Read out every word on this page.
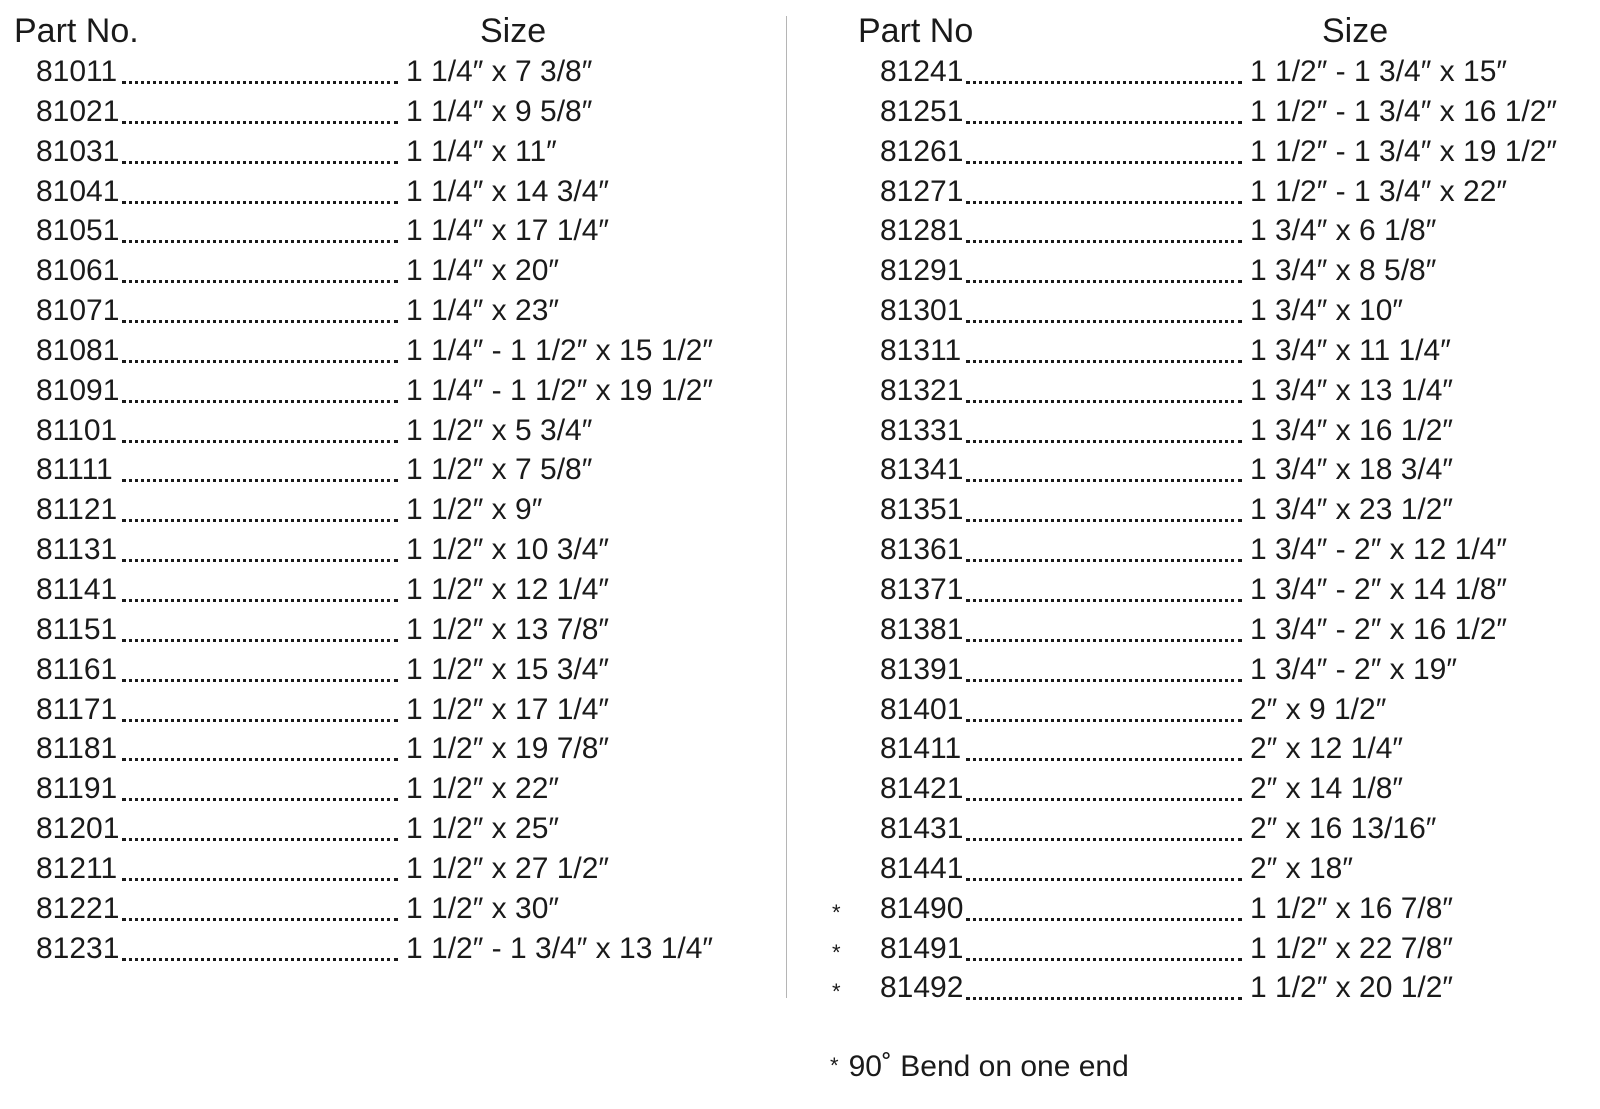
Part No.	Size
81011	1 1/4″ x 7 3/8″
81021	1 1/4″ x 9 5/8″
81031	1 1/4″ x 11″
81041	1 1/4″ x 14 3/4″
81051	1 1/4″ x 17 1/4″
81061	1 1/4″ x 20″
81071	1 1/4″ x 23″
81081	1 1/4″ - 1 1/2″ x 15 1/2″
81091	1 1/4″ - 1 1/2″ x 19 1/2″
81101	1 1/2″ x 5 3/4″
81111	1 1/2″ x 7 5/8″
81121	1 1/2″ x 9″
81131	1 1/2″ x 10 3/4″
81141	1 1/2″ x 12 1/4″
81151	1 1/2″ x 13 7/8″
81161	1 1/2″ x 15 3/4″
81171	1 1/2″ x 17 1/4″
81181	1 1/2″ x 19 7/8″
81191	1 1/2″ x 22″
81201	1 1/2″ x 25″
81211	1 1/2″ x 27 1/2″
81221	1 1/2″ x 30″
81231	1 1/2″ - 1 3/4″ x 13 1/4″
Part No	Size
81241	1 1/2″ - 1 3/4″ x 15″
81251	1 1/2″ - 1 3/4″ x 16 1/2″
81261	1 1/2″ - 1 3/4″ x 19 1/2″
81271	1 1/2″ - 1 3/4″ x 22″
81281	1 3/4″ x 6 1/8″
81291	1 3/4″ x 8 5/8″
81301	1 3/4″ x 10″
81311	1 3/4″ x 11 1/4″
81321	1 3/4″ x 13 1/4″
81331	1 3/4″ x 16 1/2″
81341	1 3/4″ x 18 3/4″
81351	1 3/4″ x 23 1/2″
81361	1 3/4″ - 2″ x 12 1/4″
81371	1 3/4″ - 2″ x 14 1/8″
81381	1 3/4″ - 2″ x 16 1/2″
81391	1 3/4″ - 2″ x 19″
81401	2″ x 9 1/2″
81411	2″ x 12 1/4″
81421	2″ x 14 1/8″
81431	2″ x 16 13/16″
81441	2″ x 18″
* 81490	1 1/2″ x 16 7/8″
* 81491	1 1/2″ x 22 7/8″
* 81492	1 1/2″ x 20 1/2″
* 90˚ Bend on one end
